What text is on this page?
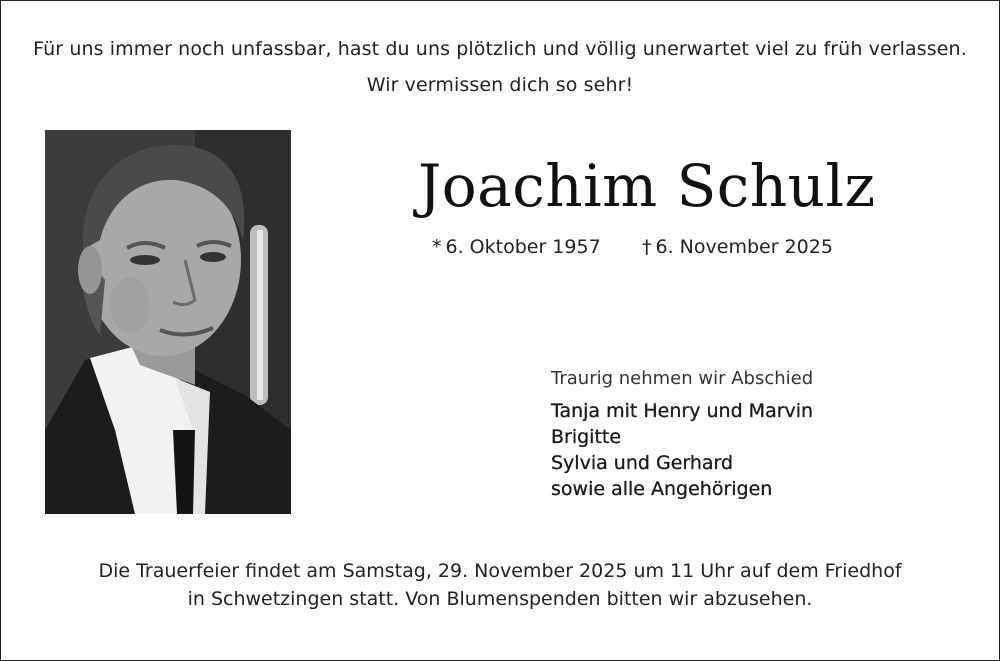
Für uns immer noch unfassbar, hast du uns plötzlich und völlig unerwartet viel zu früh verlassen.
Wir vermissen dich so sehr!
Joachim Schulz
* 6. Oktober 1957 † 6. November 2025
Traurig nehmen wir Abschied
Tanja mit Henry und Marvin
Brigitte
Sylvia und Gerhard
sowie alle Angehörigen
Die Trauerfeier findet am Samstag, 29. November 2025 um 11 Uhr auf dem Friedhof
in Schwetzingen statt. Von Blumenspenden bitten wir abzusehen.
